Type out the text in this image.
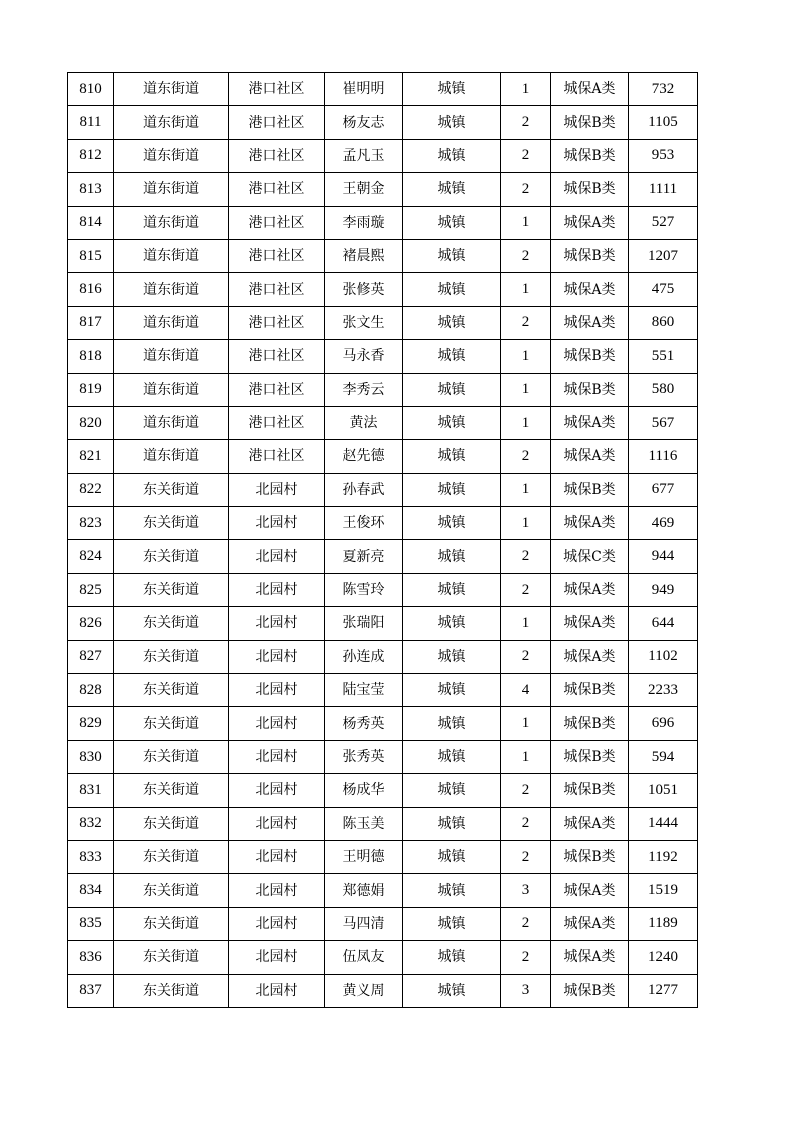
810	道东街道	港口社区	崔明明	城镇	1	城保A类	732
811	道东街道	港口社区	杨友志	城镇	2	城保B类	1105
812	道东街道	港口社区	孟凡玉	城镇	2	城保B类	953
813	道东街道	港口社区	王朝金	城镇	2	城保B类	1111
814	道东街道	港口社区	李雨璇	城镇	1	城保A类	527
815	道东街道	港口社区	褚晨熙	城镇	2	城保B类	1207
816	道东街道	港口社区	张修英	城镇	1	城保A类	475
817	道东街道	港口社区	张文生	城镇	2	城保A类	860
818	道东街道	港口社区	马永香	城镇	1	城保B类	551
819	道东街道	港口社区	李秀云	城镇	1	城保B类	580
820	道东街道	港口社区	黄法	城镇	1	城保A类	567
821	道东街道	港口社区	赵先德	城镇	2	城保A类	1116
822	东关街道	北园村	孙春武	城镇	1	城保B类	677
823	东关街道	北园村	王俊环	城镇	1	城保A类	469
824	东关街道	北园村	夏新亮	城镇	2	城保C类	944
825	东关街道	北园村	陈雪玲	城镇	2	城保A类	949
826	东关街道	北园村	张瑞阳	城镇	1	城保A类	644
827	东关街道	北园村	孙连成	城镇	2	城保A类	1102
828	东关街道	北园村	陆宝莹	城镇	4	城保B类	2233
829	东关街道	北园村	杨秀英	城镇	1	城保B类	696
830	东关街道	北园村	张秀英	城镇	1	城保B类	594
831	东关街道	北园村	杨成华	城镇	2	城保B类	1051
832	东关街道	北园村	陈玉美	城镇	2	城保A类	1444
833	东关街道	北园村	王明德	城镇	2	城保B类	1192
834	东关街道	北园村	郑德娟	城镇	3	城保A类	1519
835	东关街道	北园村	马四清	城镇	2	城保A类	1189
836	东关街道	北园村	伍凤友	城镇	2	城保A类	1240
837	东关街道	北园村	黄义周	城镇	3	城保B类	1277
